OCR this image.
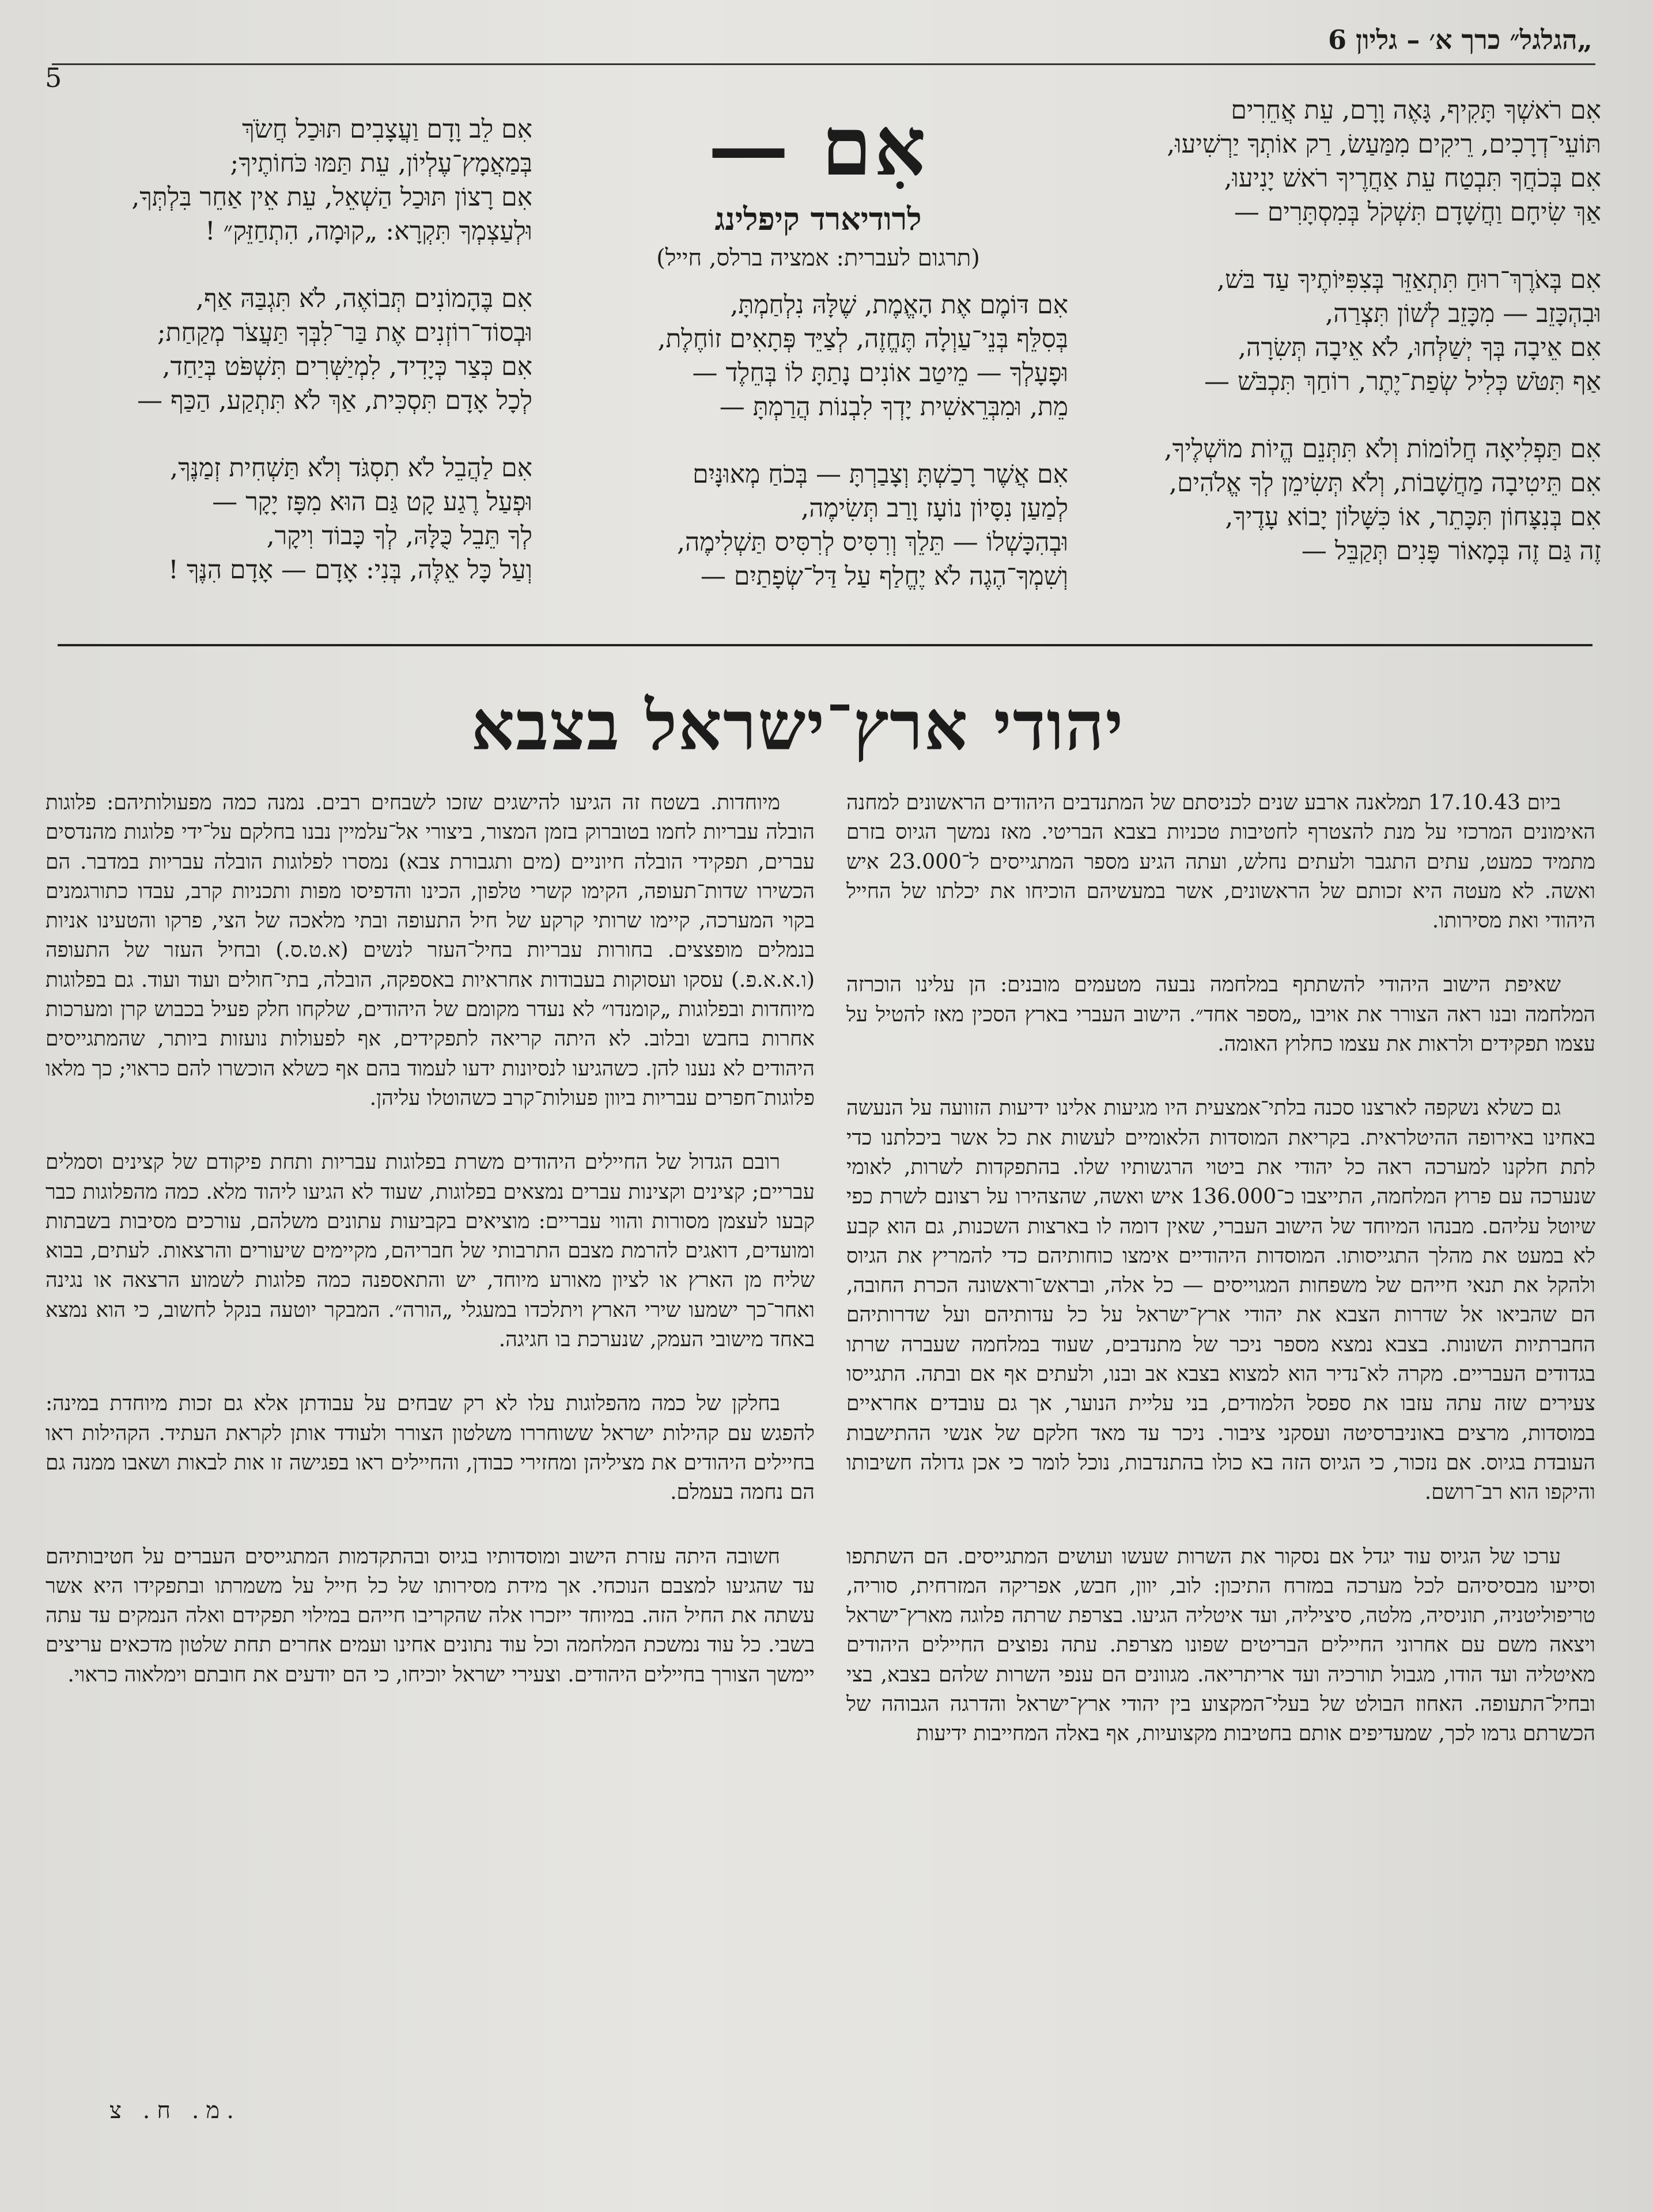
„הגלגל״ כרך א׳ – גליון 6
5
אִם —
לרודיארד קיפלינג
(תרגום לעברית: אמציה ברלס, חייל)
אִם רֹאשְׁךָ תָּקִיף, גָּאֶה וָרָם, עֵת אֲחֵרִים
תּוֹעֵי־דְרָכִים, רֵיקִים מִמַּעַשׂ, רַק אוֹתְךָ יַרְשִׁיעוּ,
אִם בְּכֹחֲךָ תִּבְטַח עֵת אַחֲרֶיךָ רֹאשׁ יָנִיעוּ,
אַךְ שִׂיחָם וַחֲשָׁדָם תִּשְׁקֹל בְּמִסְתָּרִים —
אִם בְּאֹרֶךְ־רוּחַ תִּתְאַזֵּר בְּצִפִּיּוֹתֶיךָ עַד בּשׁ,
וּבִהְכָּזֵב — מִכָּזֵב לְשׁוֹן תִּצְרַה,
אִם אֵיבָה בְּךָ יְשַׁלְּחוּ, לֹא אֵיבָה תְּשִׂרָה,
אַף תִּטֹּשׁ כְּלִיל שְׂפַת־יֶתֶר, רוֹחַךְ תִּכְבֹּשׁ —
אִם תַּפְלִיאָה חֲלוֹמוֹת וְלֹא תִּתְּנֵם הֱיוֹת מוֹשְׁלֶיךָ,
אִם תֵּיטִיבָה מַחֲשָׁבוֹת, וְלֹא תְּשִׂימֵן לְךָ אֱלֹהִים,
אִם בְּנִצָּחוֹן תִּכָּתֵר, אוֹ כִּשָּׁלוֹן יָבוֹא עָדֶיךָ,
זֶה גַּם זֶה בְּמָאוֹר פָּנִים תְּקַבֵּל —
אִם דּוֹמֶם אֶת הָאֱמֶת, שֶׁלָּהּ נִלְחַמְתָּ,
בְּסִלֵּף בְּנֵי־עַוְלָה תֶּחֱזֶה, לְצַיֵּד פְּתָאִים זוֹחֶלֶת,
וּפָעָלְךָ — מֵיטַב אוֹנִים נָתַתָּ לוֹ בְּחֵלֶד —
מֵת, וּמִבְּרֵאשִׁית יָדְךָ לִבְנוֹת הֲרַמְתָּ —
אִם אֲשֶׁר רָכַשְׁתָּ וְצָבַרְתָּ — בְּכֹחַ מְאוּנָּיִם
לְמַעַן נִסָּיוֹן נוֹעָז וָרַב תְּשִׂימֶה,
וּבְהִכָּשְׁלוֹ — תֵּלֵךְ וְרִסִּיס לְרִסִּיס תַּשְׁלִימֶה,
וְשִׁמְךָ־הֶגֶה לֹא יֶחֱלַף עַל דַּל־שְׂפָתַיִם —
אִם לֵב וָדָם וַעֲצָבִים תּוּכַל חֲשֹׂךְ
בְּמַאֲמָץ־עֶלְיוֹן, עֵת תַּמּוּ כֹּחוֹתֶיךָ;
אִם רָצוֹן תּוּכַל הַשְׁאֵל, עֵת אֵין אַחֵר בִּלְתְּךָ,
וּלְעַצְמְךָ תִּקְרָא: „קוּמָה, הִתְחַזֵּק״ !
אִם בֶּהָמוֹנִים תְּבוֹאֶה, לֹא תִּגְבַּהּ אַף,
וּבְסוֹד־רוֹזְנִים אֶת בַּר־לִבְּךָ תַּעֲצֹר מְקַחַת;
אִם כְּצַר כְּיָדִיד, לִמְיַשְּׁרִים תִּשְׁפֹּט בְּיַחַד,
לְכָל אָדָם תִּסְכִּית, אַךְ לֹא תִּתְקַע, הַכַּף —
אִם לַהֲבֵל לֹא תִסְגֹּד וְלֹא תַּשְׁחִית זְמַנֶּךָ,
וּפְעַל רֶגַע קָט גַּם הוּא מִפָּז יָקָר —
לְךָ תֵּבֵל כֻּלָּהּ, לְךָ כָּבוֹד וִיקָר,
וְעַל כָּל אֵלֶּה, בְּנִי: אָדָם — אָדָם הִנֶּךָ !
יהודי ארץ־ישראל בצבא

ביום 17.10.43 תמלאנה ארבע שנים לכניסתם של המתנדבים היהודים הראשונים למחנה האימונים המרכזי על מנת להצטרף לחטיבות טכניות בצבא הבריטי. מאז נמשך הגיוס בזרם מתמיד כמעט, עתים התגבר ולעתים נחלש, ועתה הגיע מספר המתגייסים ל־23.000 איש ואשה. לא מעטה היא זכותם של הראשונים, אשר במעשיהם הוכיחו את יכלתו של החייל היהודי ואת מסירותו.

שאיפת הישוב היהודי להשתתף במלחמה נבעה מטעמים מובנים: הן עלינו הוכרזה המלחמה ובנו ראה הצורר את אויבו „מספר אחד״. הישוב העברי בארץ הסכין מאז להטיל על עצמו תפקידים ולראות את עצמו כחלוץ האומה.

גם כשלא נשקפה לארצנו סכנה בלתי־אמצעית היו מגיעות אלינו ידיעות הזוועה על הנעשה באחינו באירופה ההיטלראית. בקריאת המוסדות הלאומיים לעשות את כל אשר ביכלתנו כדי לתת חלקנו למערכה ראה כל יהודי את ביטוי הרגשותיו שלו. בהתפקדות לשרות, לאומי שנערכה עם פרוץ המלחמה, התייצבו כ־136.000 איש ואשה, שהצהירו על רצונם לשרת כפי שיוטל עליהם. מבנהו המיוחד של הישוב העברי, שאין דומה לו בארצות השכנות, גם הוא קבע לא במעט את מהלך התגייסותו. המוסדות היהודיים אימצו כוחותיהם כדי להמריץ את הגיוס ולהקל את תנאי חייהם של משפחות המגוייסים — כל אלה, ובראש־וראשונה הכרת החובה, הם שהביאו אל שדרות הצבא את יהודי ארץ־ישראל על כל עדותיהם ועל שדרותיהם החברתיות השונות. בצבא נמצא מספר ניכר של מתנדבים, שעוד במלחמה שעברה שרתו בגדודים העבריים. מקרה לא־נדיר הוא למצוא בצבא אב ובנו, ולעתים אף אם ובתה. התגייסו צעירים שזה עתה עזבו את ספסל הלמודים, בני עליית הנוער, אך גם עובדים אחראיים במוסדות, מרצים באוניברסיטה ועסקני ציבור. ניכר עד מאד חלקם של אנשי ההתישבות העובדת בגיוס. אם נזכור, כי הגיוס הזה בא כולו בהתנדבות, נוכל לומר כי אכן גדולה חשיבותו והיקפו הוא רב־רושם.

ערכו של הגיוס עוד יגדל אם נסקור את השרות שעשו ועושים המתגייסים. הם השתתפו וסייעו מבסיסיהם לכל מערכה במזרח התיכון: לוב, יוון, חבש, אפריקה המזרחית, סוריה, טריפוליטניה, תוניסיה, מלטה, סיציליה, ועד איטליה הגיעו. בצרפת שרתה פלוגה מארץ־ישראל ויצאה משם עם אחרוני החיילים הבריטים שפונו מצרפת. עתה נפוצים החיילים היהודים מאיטליה ועד הודו, מגבול תורכיה ועד אריתריאה. מגוונים הם ענפי השרות שלהם בצבא, בצי ובחיל־התעופה. האחוז הבולט של בעלי־המקצוע בין יהודי ארץ־ישראל והדרגה הגבוהה של הכשרתם גרמו לכך, שמעדיפים אותם בחטיבות מקצועיות, אף באלה המחייבות ידיעות

מיוחדות. בשטח זה הגיעו להישגים שזכו לשבחים רבים. נמנה כמה מפעולותיהם: פלוגות הובלה עבריות לחמו בטוברוק בזמן המצור, ביצורי אל־עלמיין נבנו בחלקם על־ידי פלוגות מהנדסים עברים, תפקידי הובלה חיוניים (מים ותגבורת צבא) נמסרו לפלוגות הובלה עבריות במדבר. הם הכשירו שדות־תעופה, הקימו קשרי טלפון, הכינו והדפיסו מפות ותכניות קרב, עבדו כתורגמנים בקוי המערכה, קיימו שרותי קרקע של חיל התעופה ובתי מלאכה של הצי, פרקו והטעינו אניות בנמלים מופצצים. בחורות עבריות בחיל־העזר לנשים (א.ט.ס.) ובחיל העזר של התעופה (ו.א.א.פ.) עסקו ועסוקות בעבודות אחראיות באספקה, הובלה, בתי־חולים ועוד ועוד. גם בפלוגות מיוחדות ובפלוגות „קומנדו״ לא נעדר מקומם של היהודים, שלקחו חלק פעיל בכבוש קרן ומערכות אחרות בחבש ובלוב. לא היתה קריאה לתפקידים, אף לפעולות נועזות ביותר, שהמתגייסים היהודים לא נענו להן. כשהגיעו לנסיונות ידעו לעמוד בהם אף כשלא הוכשרו להם כראוי; כך מלאו פלוגות־חפרים עבריות ביוון פעולות־קרב כשהוטלו עליהן.

רובם הגדול של החיילים היהודים משרת בפלוגות עבריות ותחת פיקודם של קצינים וסמלים עבריים; קצינים וקצינות עברים נמצאים בפלוגות, שעוד לא הגיעו ליהוד מלא. כמה מהפלוגות כבר קבעו לעצמן מסורות והווי עבריים: מוציאים בקביעות עתונים משלהם, עורכים מסיבות בשבתות ומועדים, דואגים להרמת מצבם התרבותי של חבריהם, מקיימים שיעורים והרצאות. לעתים, בבוא שליח מן הארץ או לציון מאורע מיוחד, יש והתאספנה כמה פלוגות לשמוע הרצאה או נגינה ואחר־כך ישמעו שירי הארץ ויתלכדו במעגלי „הורה״. המבקר יוטעה בנקל לחשוב, כי הוא נמצא באחד מישובי העמק, שנערכת בו חגיגה.

בחלקן של כמה מהפלוגות עלו לא רק שבחים על עבודתן אלא גם זכות מיוחדת במינה: להפגש עם קהילות ישראל ששוחררו משלטון הצורר ולעודד אותן לקראת העתיד. הקהילות ראו בחיילים היהודים את מציליהן ומחזירי כבודן, והחיילים ראו בפגישה זו אות לבאות ושאבו ממנה גם הם נחמה בעמלם.

חשובה היתה עזרת הישוב ומוסדותיו בגיוס ובהתקדמות המתגייסים העברים על חטיבותיהם עד שהגיעו למצבם הנוכחי. אך מידת מסירותו של כל חייל על משמרתו ובתפקידו היא אשר עשתה את החיל הזה. במיוחד ייזכרו אלה שהקריבו חייהם במילוי תפקידם ואלה הנמקים עד עתה בשבי. כל עוד נמשכת המלחמה וכל עוד נתונים אחינו ועמים אחרים תחת שלטון מדכאים עריצים יימשך הצורך בחיילים היהודים. וצעירי ישראל יוכיחו, כי הם יודעים את חובתם וימלאוה כראוי.

מ. ח. צ.
